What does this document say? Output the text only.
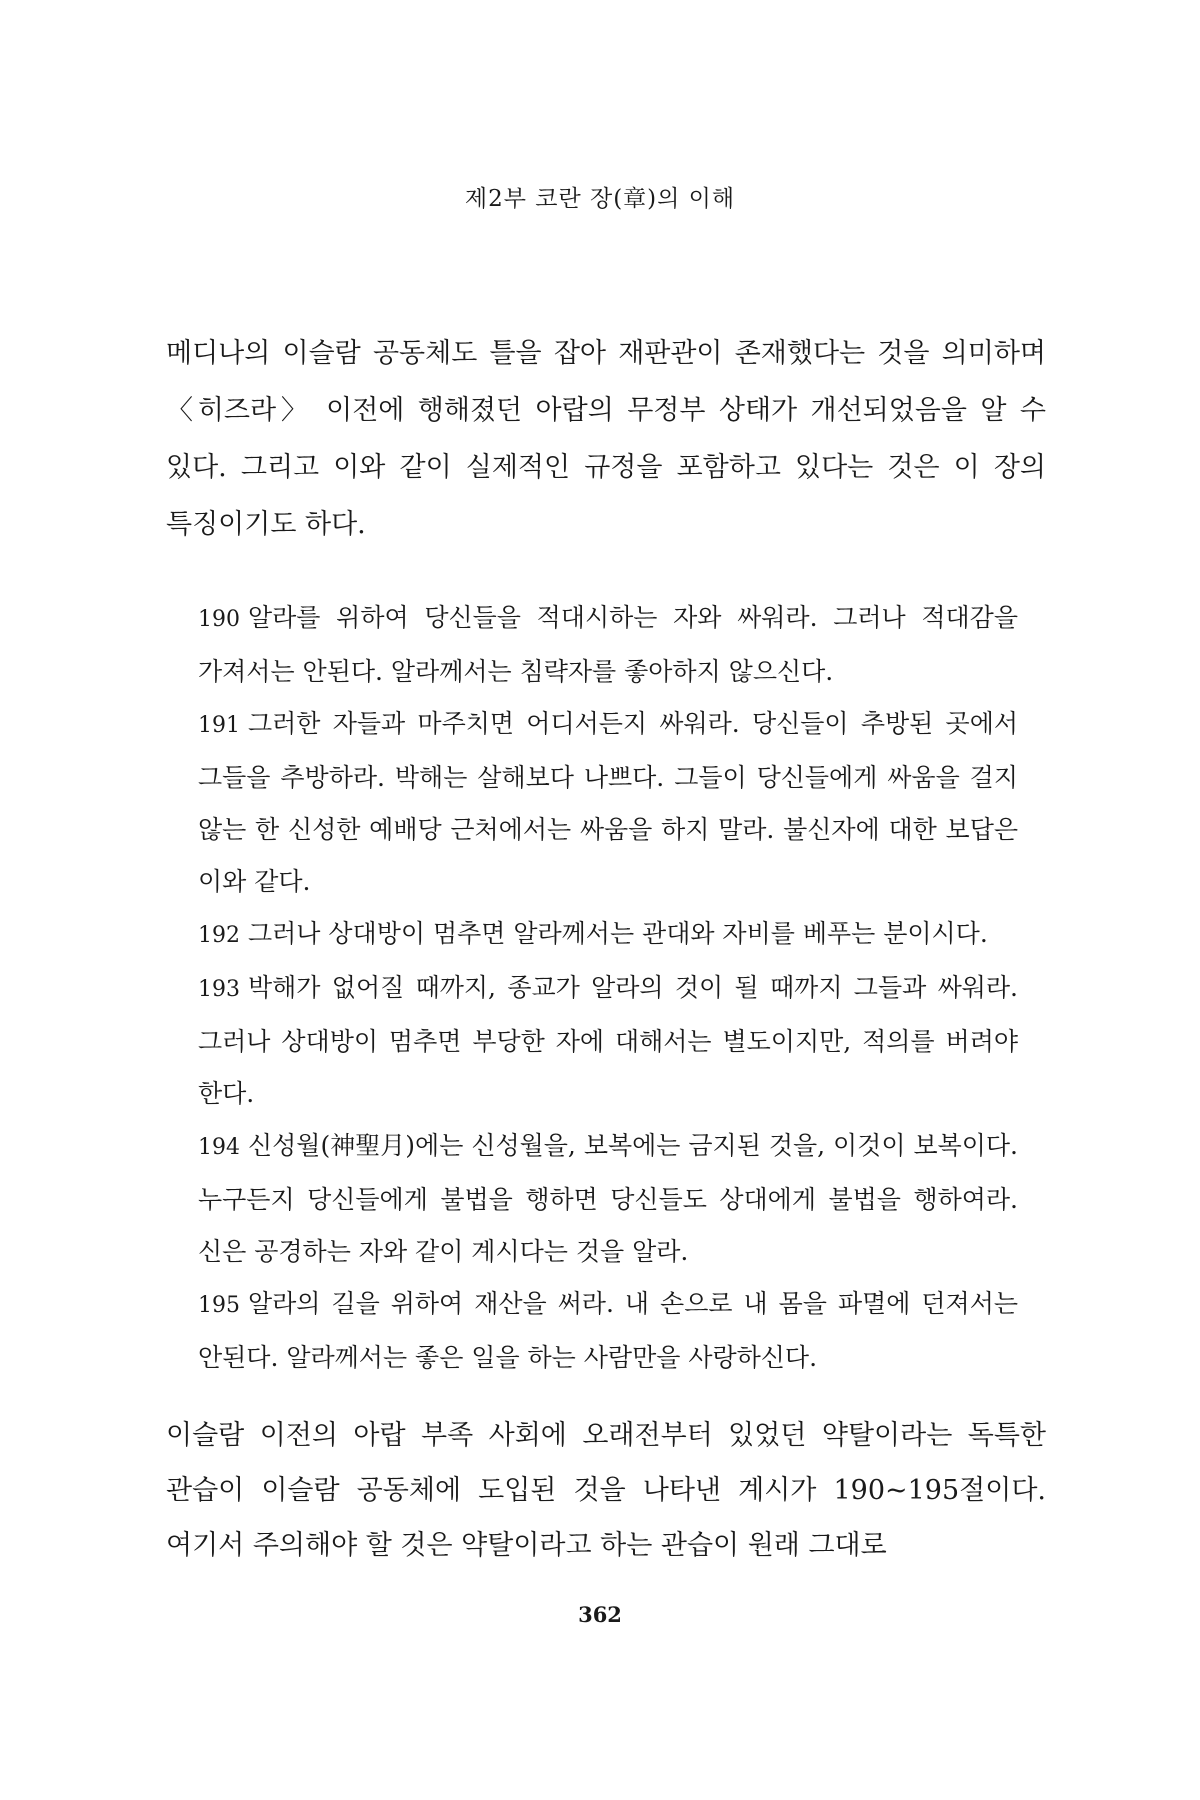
제2부 코란 장(章)의 이해

메디나의 이슬람 공동체도 틀을 잡아 재판관이 존재했다는 것을 의미하며 〈히즈라〉 이전에 행해졌던 아랍의 무정부 상태가 개선되었음을 알 수 있다. 그리고 이와 같이 실제적인 규정을 포함하고 있다는 것은 이 장의 특징이기도 하다.

190 알라를 위하여 당신들을 적대시하는 자와 싸워라. 그러나 적대감을 가져서는 안된다. 알라께서는 침략자를 좋아하지 않으신다.
191 그러한 자들과 마주치면 어디서든지 싸워라. 당신들이 추방된 곳에서 그들을 추방하라. 박해는 살해보다 나쁘다. 그들이 당신들에게 싸움을 걸지 않는 한 신성한 예배당 근처에서는 싸움을 하지 말라. 불신자에 대한 보답은 이와 같다.
192 그러나 상대방이 멈추면 알라께서는 관대와 자비를 베푸는 분이시다.
193 박해가 없어질 때까지, 종교가 알라의 것이 될 때까지 그들과 싸워라. 그러나 상대방이 멈추면 부당한 자에 대해서는 별도이지만, 적의를 버려야 한다.
194 신성월(神聖月)에는 신성월을, 보복에는 금지된 것을, 이것이 보복이다. 누구든지 당신들에게 불법을 행하면 당신들도 상대에게 불법을 행하여라. 신은 공경하는 자와 같이 계시다는 것을 알라.
195 알라의 길을 위하여 재산을 써라. 내 손으로 내 몸을 파멸에 던져서는 안된다. 알라께서는 좋은 일을 하는 사람만을 사랑하신다.

이슬람 이전의 아랍 부족 사회에 오래전부터 있었던 약탈이라는 독특한 관습이 이슬람 공동체에 도입된 것을 나타낸 계시가 190~195절이다. 여기서 주의해야 할 것은 약탈이라고 하는 관습이 원래 그대로

362
